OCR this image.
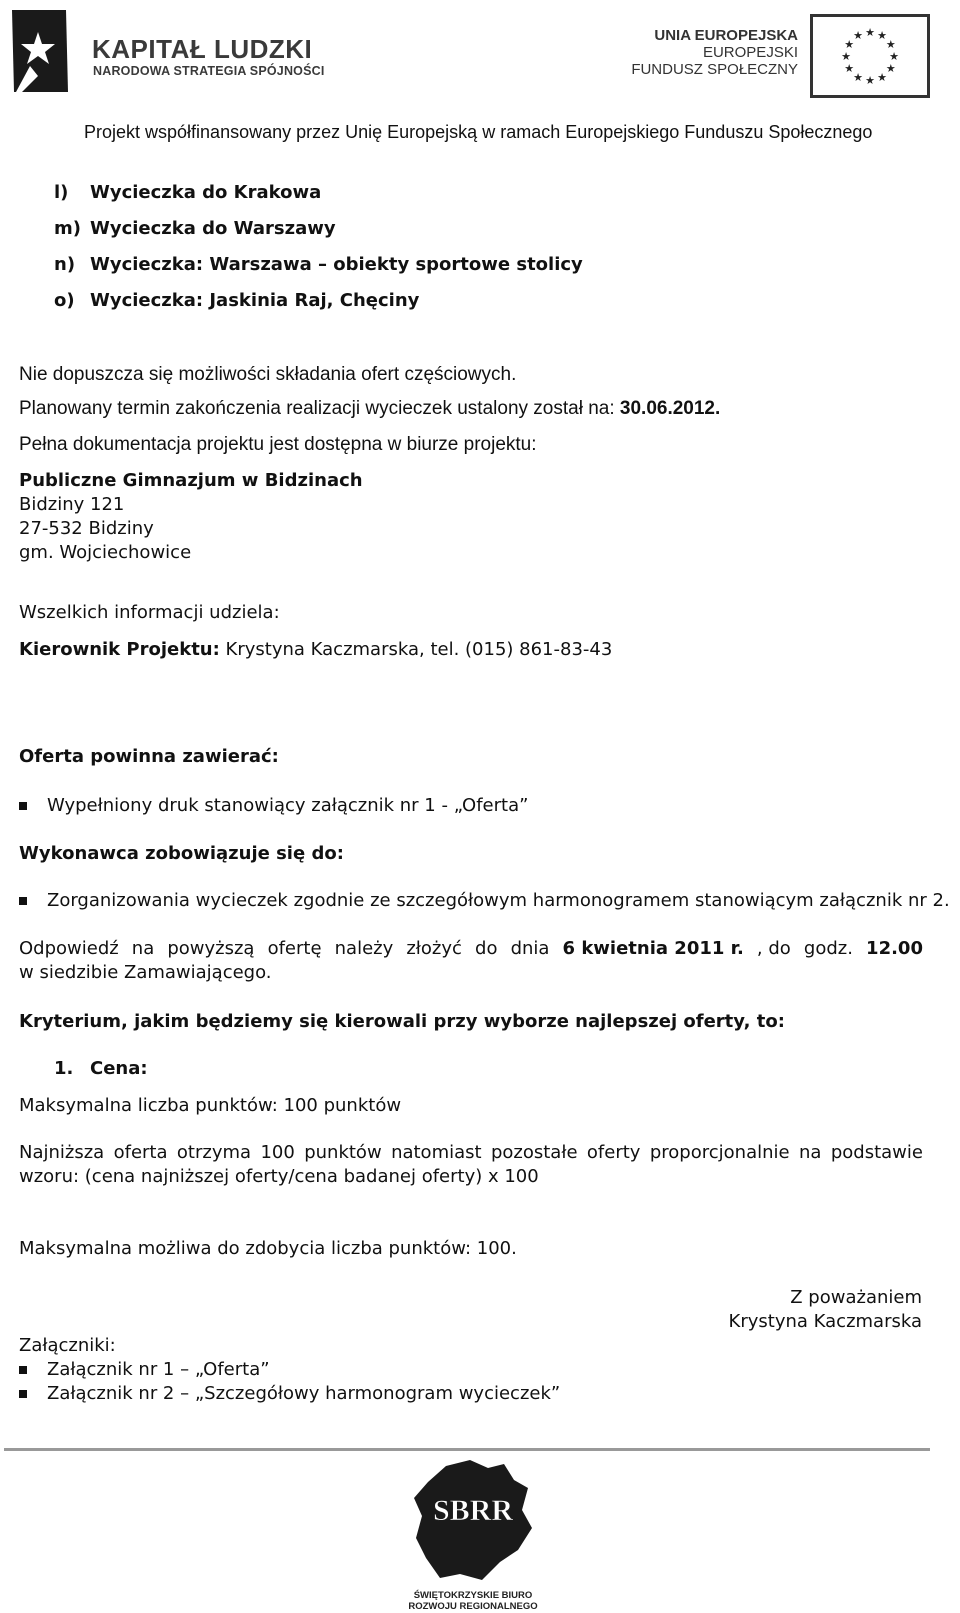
KAPITAŁ LUDZKI
NARODOWA STRATEGIA SPÓJNOŚCI
UNIA EUROPEJSKA
EUROPEJSKI
FUNDUSZ SPOŁECZNY
★ ★
★
★
★
★
★
★
★
★
★
★
Projekt współfinansowany przez Unię Europejską w ramach Europejskiego Funduszu Społecznego
l) Wycieczka do Krakowa
m) Wycieczka do Warszawy
n) Wycieczka: Warszawa – obiekty sportowe stolicy
o) Wycieczka: Jaskinia Raj, Chęciny
Nie dopuszcza się możliwości składania ofert częściowych.
Planowany termin zakończenia realizacji wycieczek ustalony został na: 30.06.2012.
Pełna dokumentacja projektu jest dostępna w biurze projektu:
Publiczne Gimnazjum w Bidzinach
Bidziny 121
27-532 Bidziny
gm. Wojciechowice
Wszelkich informacji udziela:
Kierownik Projektu: Krystyna Kaczmarska, tel. (015) 861-83-43
Oferta powinna zawierać:
Wypełniony druk stanowiący załącznik nr 1 - „Oferta”
Wykonawca zobowiązuje się do:
Zorganizowania wycieczek zgodnie ze szczegółowym harmonogramem stanowiącym załącznik nr 2.
Odpowiedź na powyższą ofertę należy złożyć do dnia 6 kwietnia 2011 r. , do godz. 12.00
w siedzibie Zamawiającego.
Kryterium, jakim będziemy się kierowali przy wyborze najlepszej oferty, to:
1. Cena:
Maksymalna liczba punktów: 100 punktów
Najniższa oferta otrzyma 100 punktów natomiast pozostałe oferty proporcjonalnie na podstawie
wzoru: (cena najniższej oferty/cena badanej oferty) x 100
Maksymalna możliwa do zdobycia liczba punktów: 100.
Z poważaniem
Krystyna Kaczmarska
Załączniki:
Załącznik nr 1 – „Oferta”
Załącznik nr 2 – „Szczegółowy harmonogram wycieczek”
SBRR
ŚWIĘTOKRZYSKIE BIURO
ROZWOJU REGIONALNEGO
